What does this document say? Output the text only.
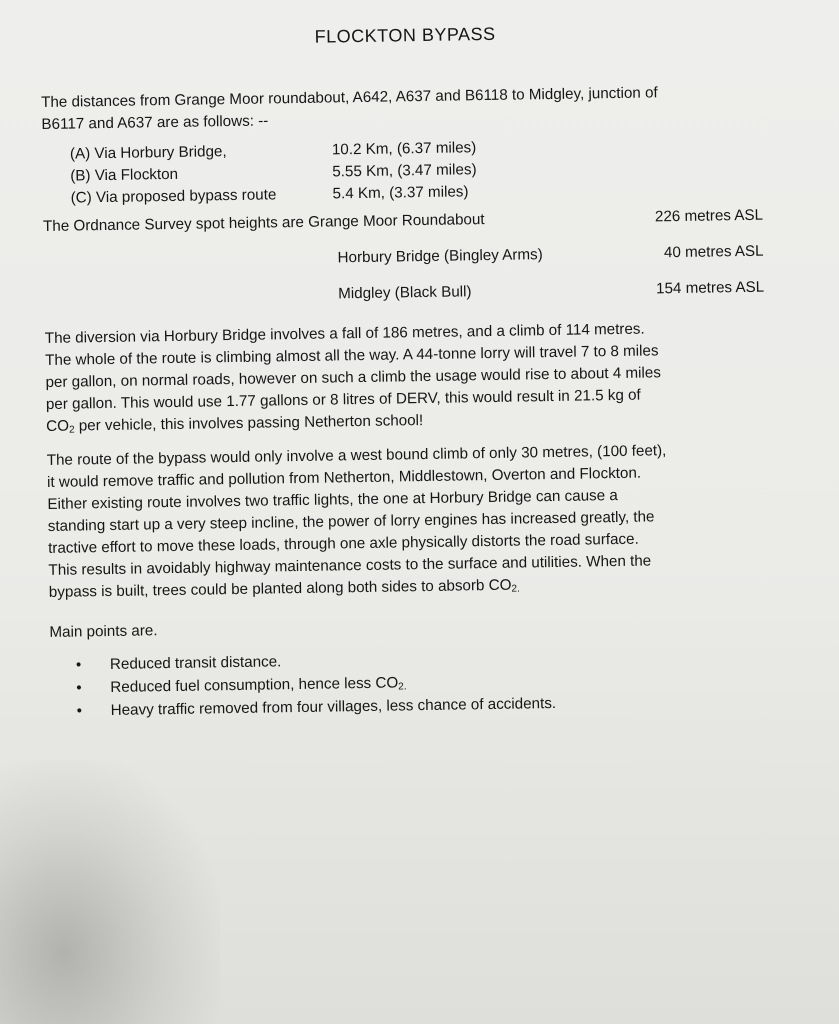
FLOCKTON BYPASS

The distances from Grange Moor roundabout, A642, A637 and B6118 to Midgley, junction of

B6117 and A637 are as follows: --

(A) Via Horbury Bridge,	10.2 Km, (6.37 miles)
(B) Via Flockton	5.55 Km, (3.47 miles)
(C) Via proposed bypass route	5.4 Km, (3.37 miles)
The Ordnance Survey spot heights are Grange Moor Roundabout	226 metres ASL
Horbury Bridge (Bingley Arms)	40 metres ASL
Midgley (Black Bull)	154 metres ASL

The diversion via Horbury Bridge involves a fall of 186 metres, and a climb of 114 metres.

The whole of the route is climbing almost all the way. A 44-tonne lorry will travel 7 to 8 miles

per gallon, on normal roads, however on such a climb the usage would rise to about 4 miles

per gallon. This would use 1.77 gallons or 8 litres of DERV, this would result in 21.5 kg of

$CO_2$ per vehicle, this involves passing Netherton school!

The route of the bypass would only involve a west bound climb of only 30 metres, (100 feet),

it would remove traffic and pollution from Netherton, Middlestown, Overton and Flockton.

Either existing route involves two traffic lights, the one at Horbury Bridge can cause a

standing start up a very steep incline, the power of lorry engines has increased greatly, the

tractive effort to move these loads, through one axle physically distorts the road surface.

This results in avoidably highway maintenance costs to the surface and utilities. When the

bypass is built, trees could be planted along both sides to absorb $CO_{2.}$

Main points are.
• Reduced transit distance.
• Reduced fuel consumption, hence less $CO_{2.}$
• Heavy traffic removed from four villages, less chance of accidents.
